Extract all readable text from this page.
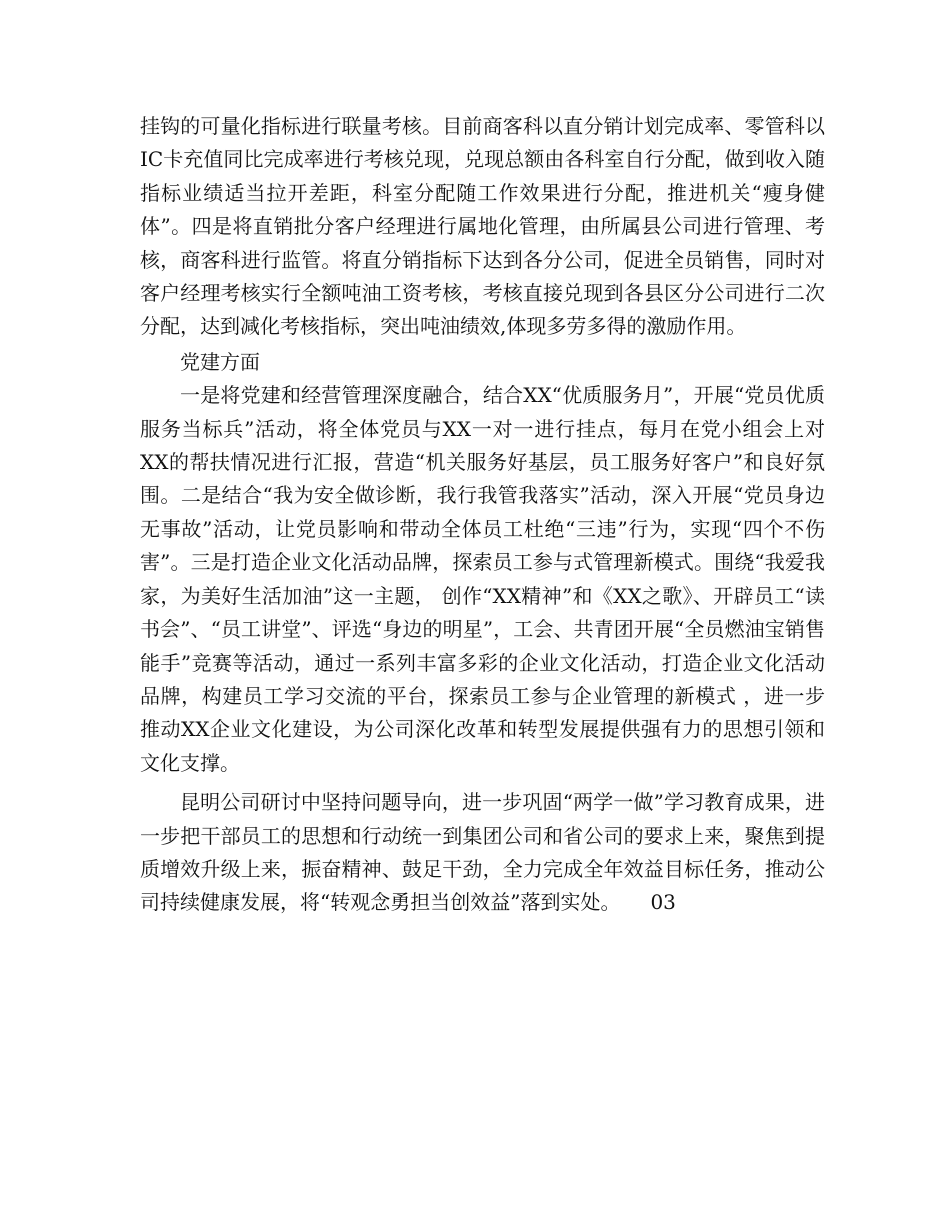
挂钩的可量化指标进行联量考核。目前商客科以直分销计划完成率、零管科以IC卡充值同比完成率进行考核兑现，兑现总额由各科室自行分配，做到收入随指标业绩适当拉开差距，科室分配随工作效果进行分配，推进机关“瘦身健体”。四是将直销批分客户经理进行属地化管理，由所属县公司进行管理、考核，商客科进行监管。将直分销指标下达到各分公司，促进全员销售，同时对客户经理考核实行全额吨油工资考核，考核直接兑现到各县区分公司进行二次分配，达到减化考核指标，突出吨油绩效,体现多劳多得的激励作用。

党建方面

一是将党建和经营管理深度融合，结合XX“优质服务月”，开展“党员优质服务当标兵”活动，将全体党员与XX一对一进行挂点，每月在党小组会上对XX的帮扶情况进行汇报，营造“机关服务好基层，员工服务好客户”和良好氛围。二是结合“我为安全做诊断，我行我管我落实”活动，深入开展“党员身边无事故”活动，让党员影响和带动全体员工杜绝“三违”行为，实现“四个不伤害”。三是打造企业文化活动品牌，探索员工参与式管理新模式。围绕“我爱我家，为美好生活加油”这一主题， 创作“XX精神”和《XX之歌》、开辟员工“读书会”、“员工讲堂”、评选“身边的明星”，工会、共青团开展“全员燃油宝销售能手”竞赛等活动，通过一系列丰富多彩的企业文化活动，打造企业文化活动品牌，构建员工学习交流的平台，探索员工参与企业管理的新模式 ，进一步推动XX企业文化建设，为公司深化改革和转型发展提供强有力的思想引领和文化支撑。

昆明公司研讨中坚持问题导向，进一步巩固“两学一做”学习教育成果，进一步把干部员工的思想和行动统一到集团公司和省公司的要求上来，聚焦到提质增效升级上来，振奋精神、鼓足干劲，全力完成全年效益目标任务，推动公司持续健康发展，将“转观念勇担当创效益”落到实处。　　03
